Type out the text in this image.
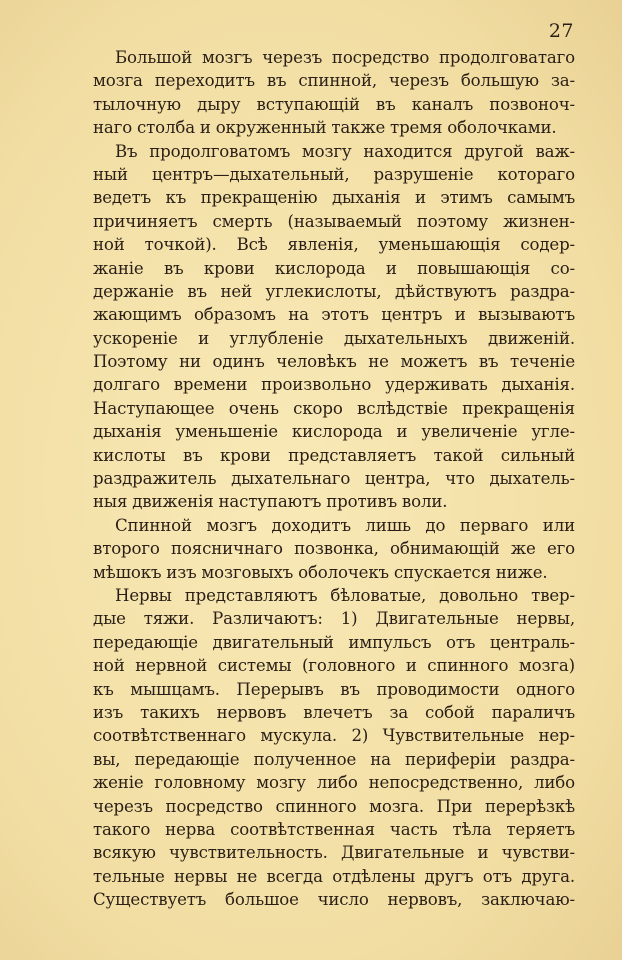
27
Большой мозгъ черезъ посредство продолговатаго
мозга переходитъ въ спинной, черезъ большую за-
тылочную дыру вступающій въ каналъ позвоноч-
наго столба и окруженный также тремя оболочками.
Въ продолговатомъ мозгу находится другой важ-
ный центръ—дыхательный, разрушеніе котораго
ведетъ къ прекращенію дыханія и этимъ самымъ
причиняетъ смерть (называемый поэтому жизнен-
ной точкой). Всѣ явленія, уменьшающія содер-
жаніе въ крови кислорода и повышающія со-
держаніе въ ней углекислоты, дѣйствуютъ раздра-
жающимъ образомъ на этотъ центръ и вызываютъ
ускореніе и углубленіе дыхательныхъ движеній.
Поэтому ни одинъ человѣкъ не можетъ въ теченіе
долгаго времени произвольно удерживать дыханія.
Наступающее очень скоро вслѣдствіе прекращенія
дыханія уменьшеніе кислорода и увеличеніе угле-
кислоты въ крови представляетъ такой сильный
раздражитель дыхательнаго центра, что дыхатель-
ныя движенія наступаютъ противъ воли.
Спинной мозгъ доходитъ лишь до перваго или
второго поясничнаго позвонка, обнимающій же его
мѣшокъ изъ мозговыхъ оболочекъ спускается ниже.
Нервы представляютъ бѣловатые, довольно твер-
дые тяжи. Различаютъ: 1) Двигательные нервы,
передающіе двигательный импульсъ отъ централь-
ной нервной системы (головного и спинного мозга)
къ мышцамъ. Перерывъ въ проводимости одного
изъ такихъ нервовъ влечетъ за собой параличъ
соотвѣтственнаго мускула. 2) Чувствительные нер-
вы, передающіе полученное на периферіи раздра-
женіе головному мозгу либо непосредственно, либо
черезъ посредство спинного мозга. При перерѣзкѣ
такого нерва соотвѣтственная часть тѣла теряетъ
всякую чувствительность. Двигательные и чувстви-
тельные нервы не всегда отдѣлены другъ отъ друга.
Существуетъ большое число нервовъ, заключаю-
